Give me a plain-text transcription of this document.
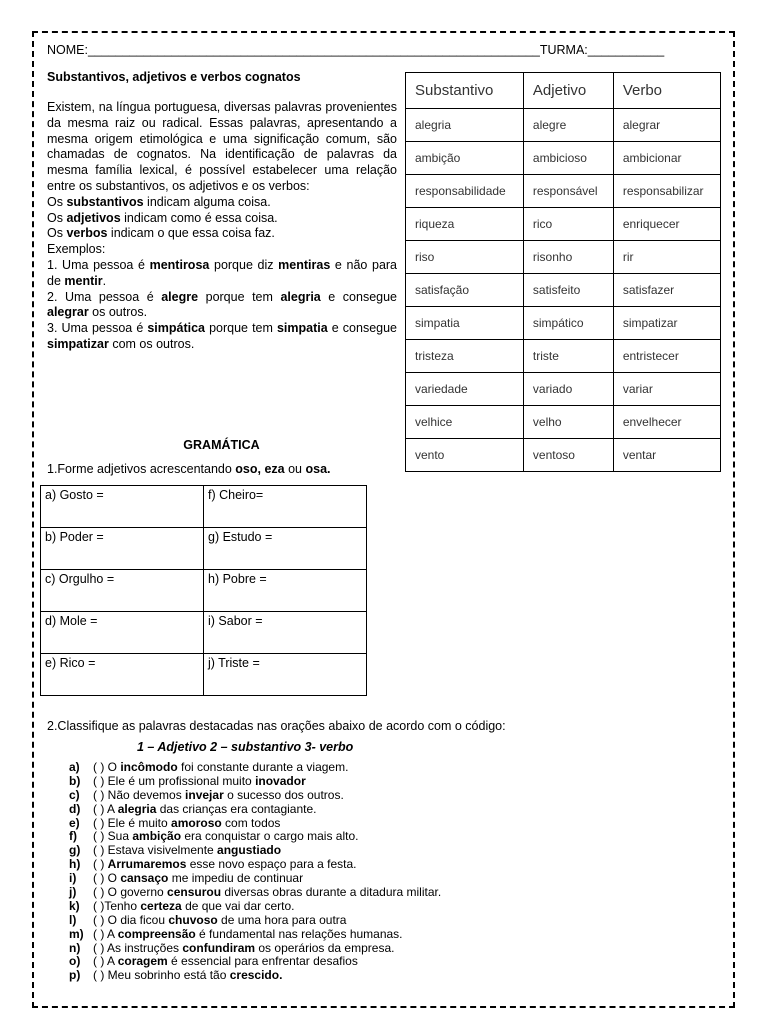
NOME:_________________________________________________________________TURMA:___________
Substantivos, adjetivos e verbos cognatos

Existem, na língua portuguesa, diversas palavras provenientes da mesma raiz ou radical. Essas palavras, apresentando a mesma origem etimológica e uma significação comum, são chamadas de cognatos. Na identificação de palavras da mesma família lexical, é possível estabelecer uma relação entre os substantivos, os adjetivos e os verbos:

Os substantivos indicam alguma coisa.

Os adjetivos indicam como é essa coisa.

Os verbos indicam o que essa coisa faz.

Exemplos:

1. Uma pessoa é mentirosa porque diz mentiras e não para de mentir.

2. Uma pessoa é alegre porque tem alegria e consegue alegrar os outros.

3. Uma pessoa é simpática porque tem simpatia e consegue simpatizar com os outros.

Substantivo	Adjetivo	Verbo
alegria	alegre	alegrar
ambição	ambicioso	ambicionar
responsabilidade	responsável	responsabilizar
riqueza	rico	enriquecer
riso	risonho	rir
satisfação	satisfeito	satisfazer
simpatia	simpático	simpatizar
tristeza	triste	entristecer
variedade	variado	variar
velhice	velho	envelhecer
vento	ventoso	ventar
GRAMÁTICA
1.Forme adjetivos acrescentando oso, eza ou osa.
a) Gosto =	f) Cheiro=
b) Poder =	g) Estudo =
c) Orgulho =	h) Pobre =
d) Mole =	i) Sabor =
e) Rico =	j) Triste =
2.Classifique as palavras destacadas nas orações abaixo de acordo com o código:
1 – Adjetivo 2 – substantivo 3- verbo
a) ( ) O incômodo foi constante durante a viagem.
b) ( ) Ele é um profissional muito inovador
c) ( ) Não devemos invejar o sucesso dos outros.
d) ( ) A alegria das crianças era contagiante.
e) ( ) Ele é muito amoroso com todos
f) ( ) Sua ambição era conquistar o cargo mais alto.
g) ( ) Estava visivelmente angustiado
h) ( ) Arrumaremos esse novo espaço para a festa.
i) ( ) O cansaço me impediu de continuar
j) ( ) O governo censurou diversas obras durante a ditadura militar.
k) ( )Tenho certeza de que vai dar certo.
l) ( ) O dia ficou chuvoso de uma hora para outra
m) ( ) A compreensão é fundamental nas relações humanas.
n) ( ) As instruções confundiram os operários da empresa.
o) ( ) A coragem é essencial para enfrentar desafios
p) ( ) Meu sobrinho está tão crescido.
